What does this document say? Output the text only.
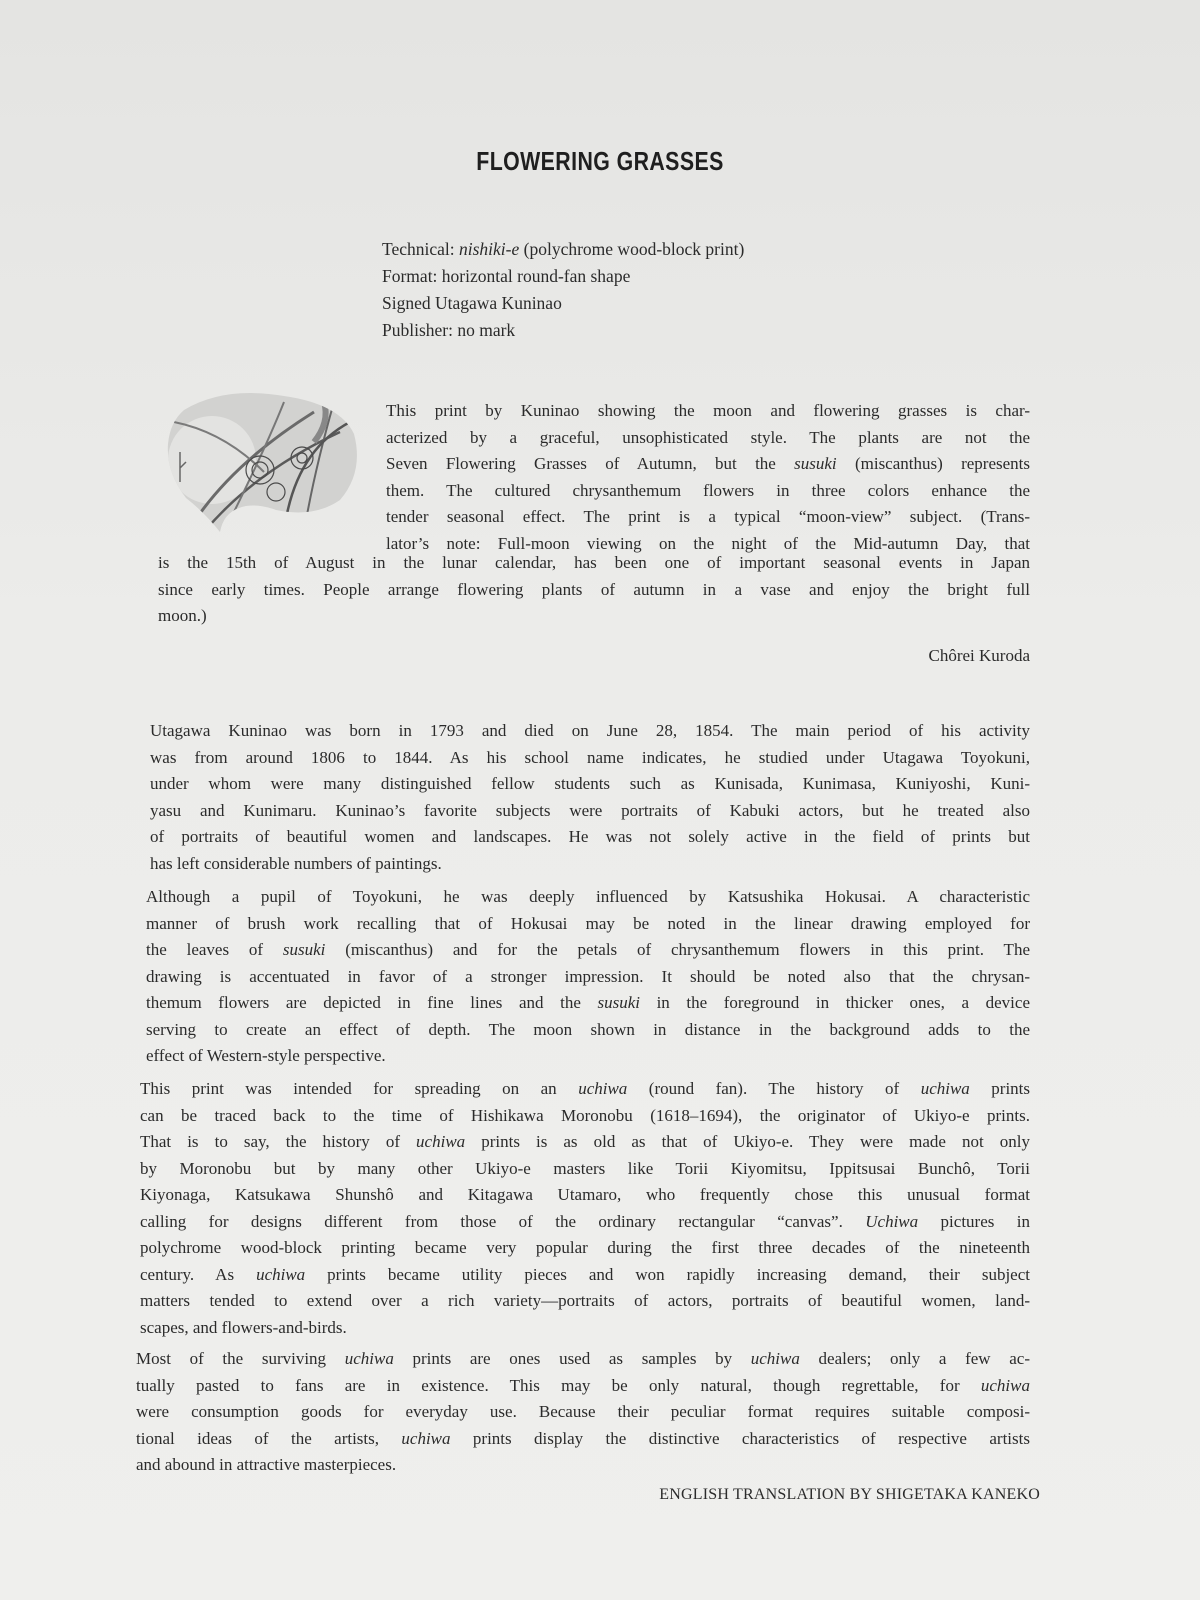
FLOWERING GRASSES
Technical: nishiki-e (polychrome wood-block print)
Format: horizontal round-fan shape
Signed Utagawa Kuninao
Publisher: no mark

This print by Kuninao showing the moon and flowering grasses is char-
acterized by a graceful, unsophisticated style. The plants are not the
Seven Flowering Grasses of Autumn, but the susuki (miscanthus) represents
them. The cultured chrysanthemum flowers in three colors enhance the
tender seasonal effect. The print is a typical “moon-view” subject. (Trans-
lator’s note: Full-moon viewing on the night of the Mid-autumn Day, that

is the 15th of August in the lunar calendar, has been one of important seasonal events in Japan
since early times. People arrange flowering plants of autumn in a vase and enjoy the bright full
moon.)

Chôrei Kuroda

Utagawa Kuninao was born in 1793 and died on June 28, 1854. The main period of his activity
was from around 1806 to 1844. As his school name indicates, he studied under Utagawa Toyokuni,
under whom were many distinguished fellow students such as Kunisada, Kunimasa, Kuniyoshi, Kuni-
yasu and Kunimaru. Kuninao’s favorite subjects were portraits of Kabuki actors, but he treated also
of portraits of beautiful women and landscapes. He was not solely active in the field of prints but
has left considerable numbers of paintings.

Although a pupil of Toyokuni, he was deeply influenced by Katsushika Hokusai. A characteristic
manner of brush work recalling that of Hokusai may be noted in the linear drawing employed for
the leaves of susuki (miscanthus) and for the petals of chrysanthemum flowers in this print. The
drawing is accentuated in favor of a stronger impression. It should be noted also that the chrysan-
themum flowers are depicted in fine lines and the susuki in the foreground in thicker ones, a device
serving to create an effect of depth. The moon shown in distance in the background adds to the
effect of Western-style perspective.

This print was intended for spreading on an uchiwa (round fan). The history of uchiwa prints
can be traced back to the time of Hishikawa Moronobu (1618–1694), the originator of Ukiyo-e prints.
That is to say, the history of uchiwa prints is as old as that of Ukiyo-e. They were made not only
by Moronobu but by many other Ukiyo-e masters like Torii Kiyomitsu, Ippitsusai Bunchô, Torii
Kiyonaga, Katsukawa Shunshô and Kitagawa Utamaro, who frequently chose this unusual format
calling for designs different from those of the ordinary rectangular “canvas”. Uchiwa pictures in
polychrome wood-block printing became very popular during the first three decades of the nineteenth
century. As uchiwa prints became utility pieces and won rapidly increasing demand, their subject
matters tended to extend over a rich variety—portraits of actors, portraits of beautiful women, land-
scapes, and flowers-and-birds.

Most of the surviving uchiwa prints are ones used as samples by uchiwa dealers; only a few ac-
tually pasted to fans are in existence. This may be only natural, though regrettable, for uchiwa
were consumption goods for everyday use. Because their peculiar format requires suitable composi-
tional ideas of the artists, uchiwa prints display the distinctive characteristics of respective artists
and abound in attractive masterpieces.

ENGLISH TRANSLATION BY SHIGETAKA KANEKO
